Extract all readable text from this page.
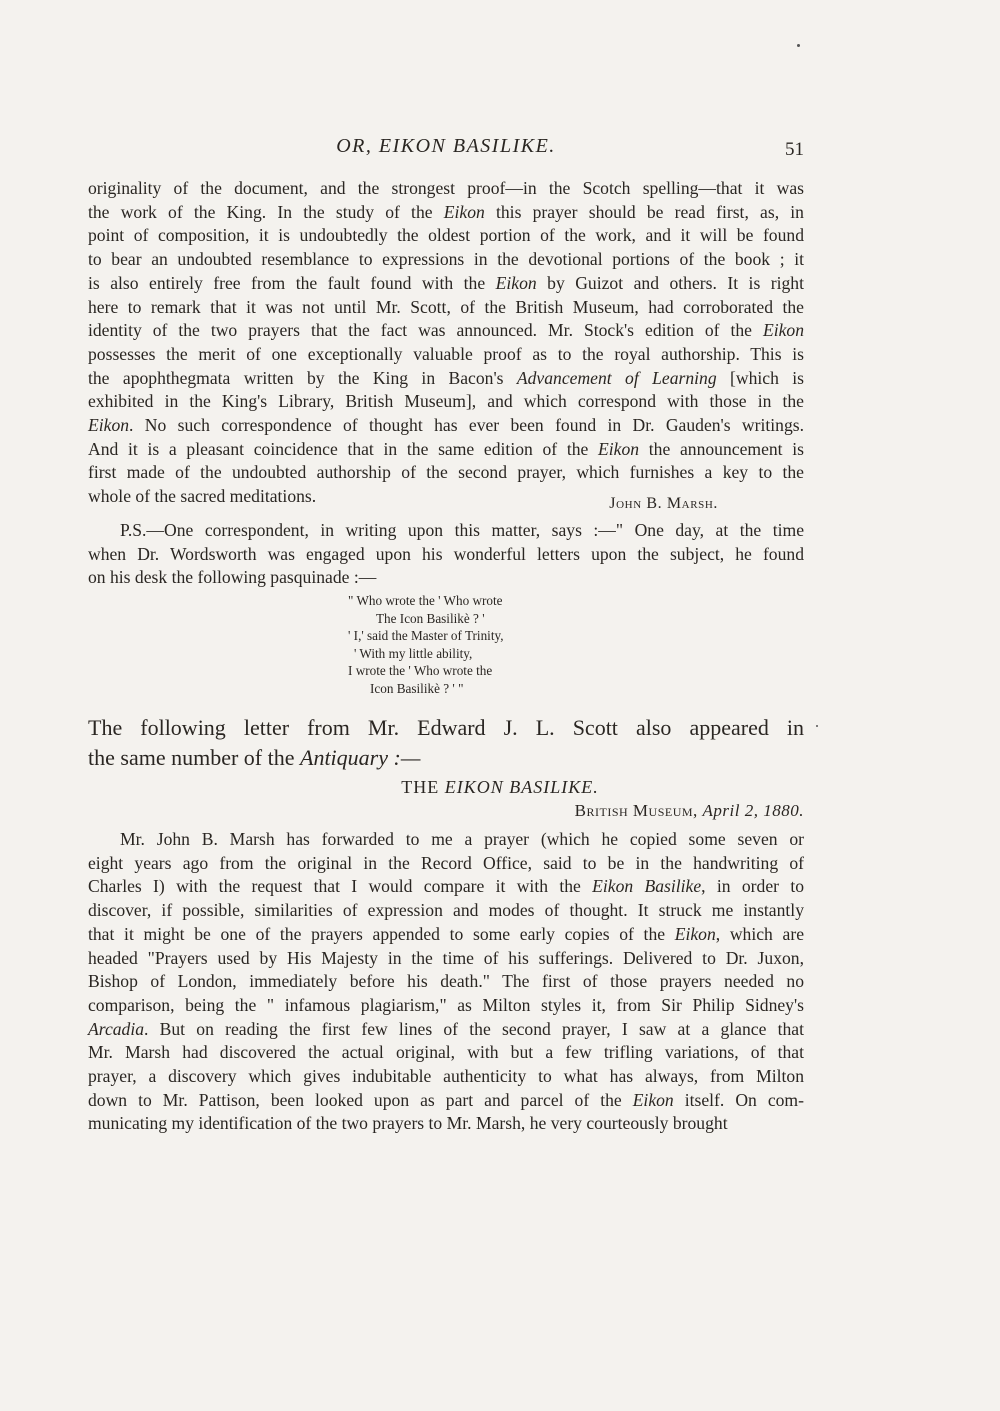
OR, EIKON BASILIKE.	51
originality of the document, and the strongest proof—in the Scotch spelling—that it was
the work of the King. In the study of the Eikon this prayer should be read first, as, in
point of composition, it is undoubtedly the oldest portion of the work, and it will be found
to bear an undoubted resemblance to expressions in the devotional portions of the book ; it
is also entirely free from the fault found with the Eikon by Guizot and others. It is right
here to remark that it was not until Mr. Scott, of the British Museum, had corroborated the
identity of the two prayers that the fact was announced. Mr. Stock's edition of the Eikon
possesses the merit of one exceptionally valuable proof as to the royal authorship. This is
the apophthegmata written by the King in Bacon's Advancement of Learning [which is
exhibited in the King's Library, British Museum], and which correspond with those in the
Eikon. No such correspondence of thought has ever been found in Dr. Gauden's writings.
And it is a pleasant coincidence that in the same edition of the Eikon the announcement is
first made of the undoubted authorship of the second prayer, which furnishes a key to the
whole of the sacred meditations.	John B. Marsh.
P.S.—One correspondent, in writing upon this matter, says :—" One day, at the time
when Dr. Wordsworth was engaged upon his wonderful letters upon the subject, he found
on his desk the following pasquinade :—
" Who wrote the ' Who wrote
The Icon Basilikè ? '
' I,' said the Master of Trinity,
' With my little ability,
I wrote the ' Who wrote the
Icon Basilikè ? ' "
The following letter from Mr. Edward J. L. Scott also appeared in
the same number of the Antiquary :—
THE EIKON BASILIKE.
British Museum, April 2, 1880.
Mr. John B. Marsh has forwarded to me a prayer (which he copied some seven or
eight years ago from the original in the Record Office, said to be in the handwriting of
Charles I) with the request that I would compare it with the Eikon Basilike, in order to
discover, if possible, similarities of expression and modes of thought. It struck me instantly
that it might be one of the prayers appended to some early copies of the Eikon, which are
headed "Prayers used by His Majesty in the time of his sufferings. Delivered to Dr. Juxon,
Bishop of London, immediately before his death." The first of those prayers needed no
comparison, being the " infamous plagiarism," as Milton styles it, from Sir Philip Sidney's
Arcadia. But on reading the first few lines of the second prayer, I saw at a glance that
Mr. Marsh had discovered the actual original, with but a few trifling variations, of that
prayer, a discovery which gives indubitable authenticity to what has always, from Milton
down to Mr. Pattison, been looked upon as part and parcel of the Eikon itself. On com-
municating my identification of the two prayers to Mr. Marsh, he very courteously brought
